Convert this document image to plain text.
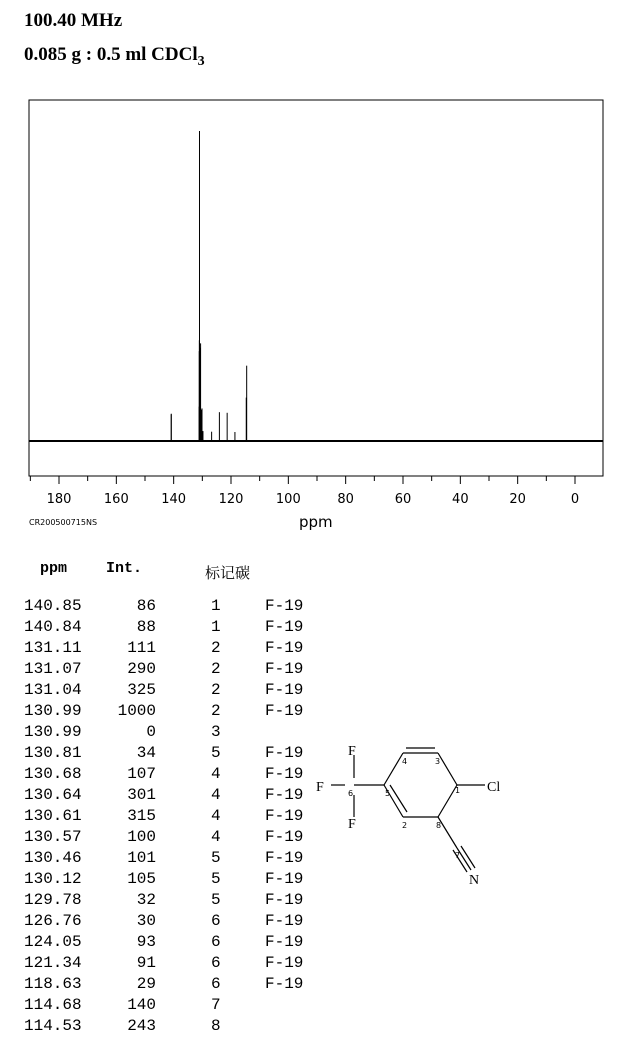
100.40 MHz
0.085 g : 0.5 ml CDCl$_3$
180	160	140	120	100	80	60	40	20	0
CR200500715NS	ppm
ppm	Int.	标记碳
140.85	86	1	F-19
140.84	88	1	F-19
131.11	111	2	F-19
131.07	290	2	F-19
131.04	325	2	F-19
130.99	1000	2	F-19
130.99	0	3
130.81	34	5	F-19
130.68	107	4	F-19
130.64	301	4	F-19
130.61	315	4	F-19
130.57	100	4	F-19
130.46	101	5	F-19
130.12	105	5	F-19
129.78	32	5	F-19
126.76	30	6	F-19
124.05	93	6	F-19
121.34	91	6	F-19
118.63	29	6	F-19
114.68	140	7
114.53	243	8
F
F
F
Cl
N
1
2
3
4
5
6
7
8
